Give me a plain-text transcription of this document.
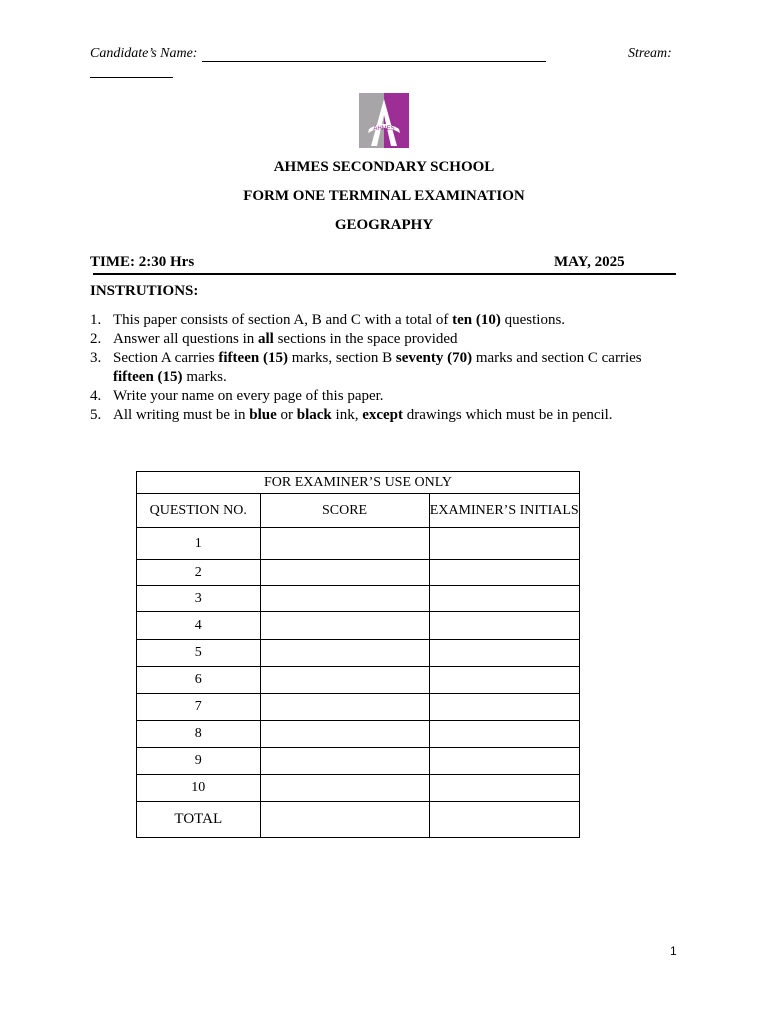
Candidate’s Name:	Stream:
AHMES
AHMES SECONDARY SCHOOL
FORM ONE TERMINAL EXAMINATION
GEOGRAPHY
TIME: 2:30 Hrs	MAY, 2025
INSTRUTIONS:
1. This paper consists of section A, B and C with a total of ten (10) questions.
2. Answer all questions in all sections in the space provided
3. Section A carries fifteen (15) marks, section B seventy (70) marks and section C carries fifteen (15) marks.
4. Write your name on every page of this paper.
5. All writing must be in blue or black ink, except drawings which must be in pencil.
FOR EXAMINER’S USE ONLY		
QUESTION NO.	SCORE	EXAMINER’S INITIALS
1		
2		
3		
4		
5		
6		
7		
8		
9		
10		
TOTAL		
1
